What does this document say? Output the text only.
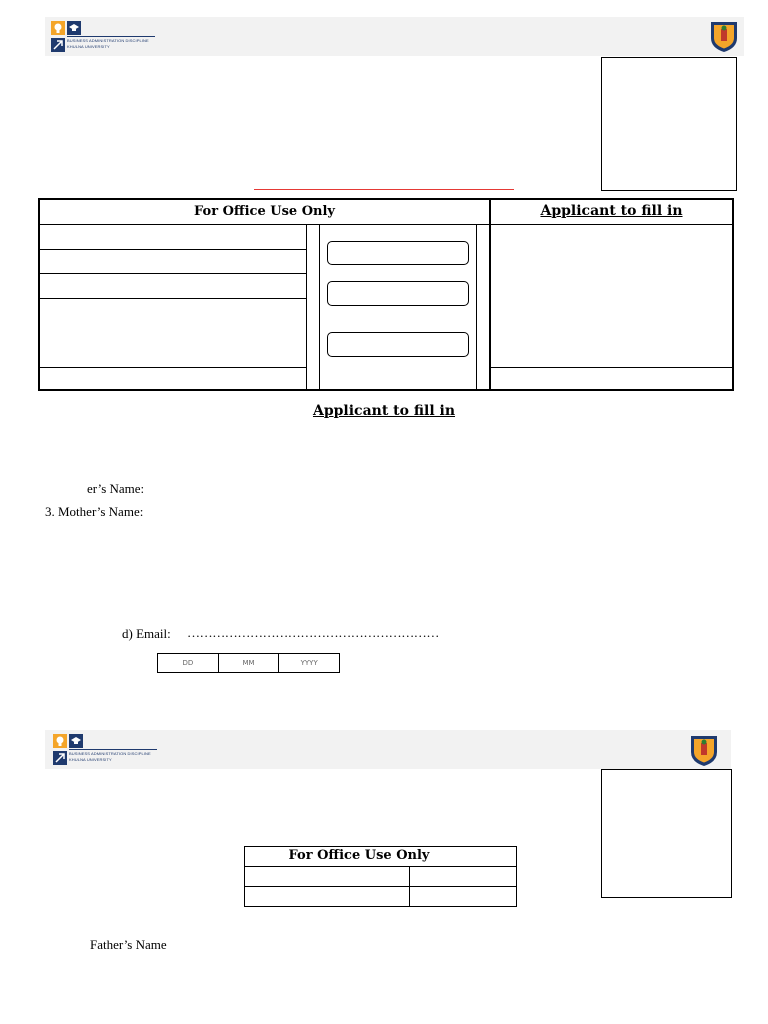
BUSINESS ADMINISTRATION DISCIPLINE
KHULNA UNIVERSITY
For Office Use Only	Applicant to fill in
Applicant to fill in
er’s Name:
3. Mother’s Name:
d) Email: ……………………………………………………
DD	MM	YYYY
BUSINESS ADMINISTRATION DISCIPLINE
KHULNA UNIVERSITY
For Office Use Only
Father’s Name
